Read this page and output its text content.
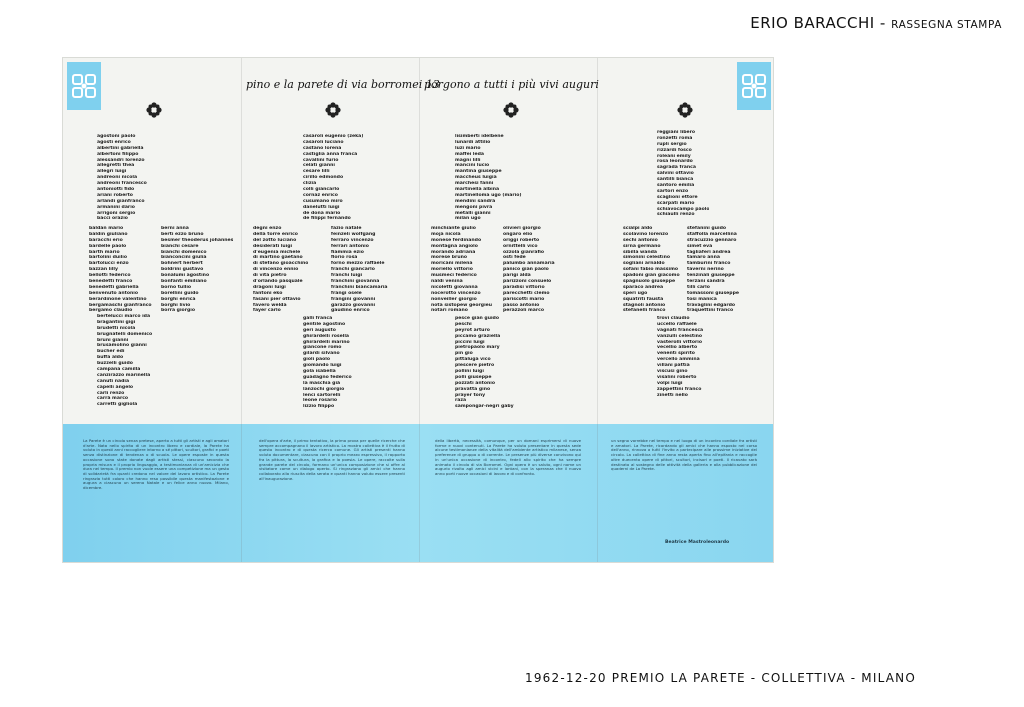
ERIO BARACCHI - RASSEGNA STAMPA
pino e la parete di via borromei 13
porgono a tutti i più vivi auguri
agostoni paolo
agosti enrico
albertini gabriella
albertoni filippo
alessandri lorenzo
allegretti thea
allegri luigi
andreoni nicola
andreoni francesco
antoniotti fido
ariani roberto
arlandi gianfranco
armanini dario
arrigoni sergio
bacci orazio
baldan mario
baldin giuliano
baracchi erio
bardelle paolo
barth mario
bartolini duilio
bartolucci enzo
bazzan lilly
bellotti federico
benedetti franco
benedetti gabriella
benvenuto antonio
berardinone valentino
bergamaschi gianfranco
bergamo claudio
berni anna
berti ezzo bruno
besmer theoderus johannes
bianchi cesare
bianchi domenico
bianconcini giulia
bohnert herbert
boldrini gustavo
bonalumi agostino
bonfanti emiliano
borno tullio
borellini guido
borghi enrica
borghi livio
borra giorgio
bertelucci marco ida
bragantini gigi
brudetti nicola
brugnatelli domenico
bruni gianni
brusamolino gianni
bucher edi
buffa aldo
buzzelli guido
campana camilla
canzirazzo marinella
canuti nadia
capelli angelo
carli renzo
carrà marco
carretti gigliola
casaroli eugenio (zeka)
casaroli luciano
castano lorena
castiglia anna franca
cavallini furio
celati gianni
cesare lilli
cirillo edmondo
clizia
colli giancarlo
cornaz enrico
cusumano miro
danelutti luigi
de dona mario
de filippi fernando
degni enzo
della torre enrico
del zotto luciano
desiderati luigi
d'eugenia michele
di martino gaetano
di stefano gioacchino
di vincenzo ennio
di vita pietro
d'orlando pasquale
dragoni luigi
fantoni eko
fasani pier ottavio
favero welda
fayer carlo
fazio natale
feinzeli wolfgang
ferraro vincenzo
ferrari antonio
fiammia ezio
florio rosa
forno mezzo raffaele
franchi giancarlo
franchi luigi
franchini giovanna
franchini biancamaria
frangi osele
frangini giovanni
garazzo giovanni
gaudino enrico
galli franca
gentile agostino
geri augusto
ghirardelli rosella
ghirardelli marino
giancone romo
gilardi silvano
gioli paolo
giomando luigi
gola isabella
guadagno federico
la maschia già
lanzochi giorgio
lenci sartorelli
leone rosario
lizzio filippo
lisimberti idelbene
lunardi attilio
luzi mario
maffei leda
magni lilli
mancini lucio
mantina giuseppe
maccheus luigia
marchesi fanni
martinella albina
martinelloma ugo (mario)
mendini sandra
mengoni pivra
metalli gianni
milan ugo
minchiante giulio
moja nicola
monese ferdinando
montagna angiolo
morando adriana
morese bruno
moricani milena
moriello vittorio
musmeci federico
naldi venina
nicoletti giovanna
nocerotto vincenzo
nonveiller giorgio
nota sistopew georgieu
notari romano
olivieri giorgio
ongaro elio
origgi roberto
ornittelli vico
ozzola gianrafio
osti fede
palumbo annamaria
panico gian paolo
parigi alda
parizzoni consuelo
paradisi vittorio
parecchetti clemo
pariscotti mario
passo antonio
perazzoli marco
pesce gian guido
peschi
peyrot arturo
piccamo graziella
piccini luigi
pietropaolo mary
pin gio
pittaluga vico
plescere pietro
pollini luigi
polli giuseppe
pozzati antonio
pravatta gino
prayer tony
raza
sampongar-negri gaby
reggiani libero
ronzetti roma
rupli sergio
rizzardi fosco
roleani emily
rosa leonardo
sagrada franca
salvini ottavio
santilli bianca
santoro emilia
sartori enzo
scaglioni ettore
scarpati mario
schiavocampo paolo
schiaulli renzo
scialpi aldo
scolavino lorenzo
sechi antonio
sirna germano
sibilla wanda
simonini celestino
sogliani arnaldo
sofani fabio massimo
spadoni gian giacomo
spagnuolo giuseppe
sparaco andrea
speri ugo
squatriti fausta
stagnoli antonio
stefanelli franco
stefanini guido
staffolla marcellina
stracuzzio gennaro
simet eva
tagliaferi andrea
tamaro anna
tamburini franco
taverni nerino
tenzinali giuseppe
terzani sandra
tilli carlo
tomassoni giuseppe
tosi manica
travaglini edgardo
traquettini franco
trovi claudio
uccello raffaele
vagnati francesca
vanzulli celestino
vasterolli vittorio
vecellio alberto
venenti spirito
vercello ammina
villani pattia
viscusi gino
visalini roberto
volpi luigi
zappettini franco
zinetti nello
La Parete è un circolo senza pretese, aperto a tutti gli artisti e agli amatori d'arte. Nata nello spirito di un incontro libero e cordiale, la Parete ha voluto in questi anni raccogliere intorno a sé pittori, scultori, grafici e poeti senza distinzione di tendenza o di scuola. Le opere esposte in questa occasione sono state donate dagli artisti stessi, ciascuno secondo la propria misura e il proprio linguaggio, a testimonianza di un'amicizia che dura nel tempo. Il premio non vuole essere una competizione ma un gesto di solidarietà fra quanti credono nel valore del lavoro artistico. La Parete ringrazia tutti coloro che hanno reso possibile questa manifestazione e augura a ciascuno un sereno Natale e un felice anno nuovo. Milano, dicembre.
dell'opera d'arte, il primo tentativo, la prima prova per quelle ricerche che sempre accompagnano il lavoro artistico. La mostra collettiva è il frutto di questo incontro e di questa ricerca comune. Gli artisti presenti hanno voluto documentare, ciascuno con il proprio mezzo espressivo, il rapporto fra la pittura, la scultura, la grafica e la poesia. Le opere, raccolte sulla grande parete del circolo, formano un'unica composizione che si offre al visitatore come un dialogo aperto. Si ringraziano gli amici che hanno collaborato alla riuscita della serata e quanti hanno voluto essere presenti all'inaugurazione.
della libertà, necessità, comunque, per un domani esprimersi di nuove forme e nuovi contenuti. La Parete ha voluto presentare in questa sede alcune testimonianze della vitalità dell'ambiente artistico milanese, senza preferenze di gruppo o di corrente. Le presenze più diverse convivono qui in un'unica occasione di incontro, fedeli allo spirito che ha sempre animato il circolo di via Borromei. Ogni opera è un saluto, ogni nome un augurio rivolto agli amici vicini e lontani, con la speranza che il nuovo anno porti nuove occasioni di lavoro e di confronto.
un segno vorrebbe nel tempo e nel luogo di un incontro cordiale fra artisti e amatori. La Parete, ricordando gli amici che hanno esposto nel corso dell'anno, rinnova a tutti l'invito a partecipare alle prossime iniziative del circolo. La collettiva di fine anno resta aperta fino all'epifania e raccoglie oltre duecento opere di pittori, scultori, incisori e poeti. Il ricavato sarà destinato al sostegno delle attività della galleria e alla pubblicazione dei quaderni de La Parete.
Beatrice Mastroleonardo
1962-12-20 PREMIO LA PARETE - COLLETTIVA - MILANO
